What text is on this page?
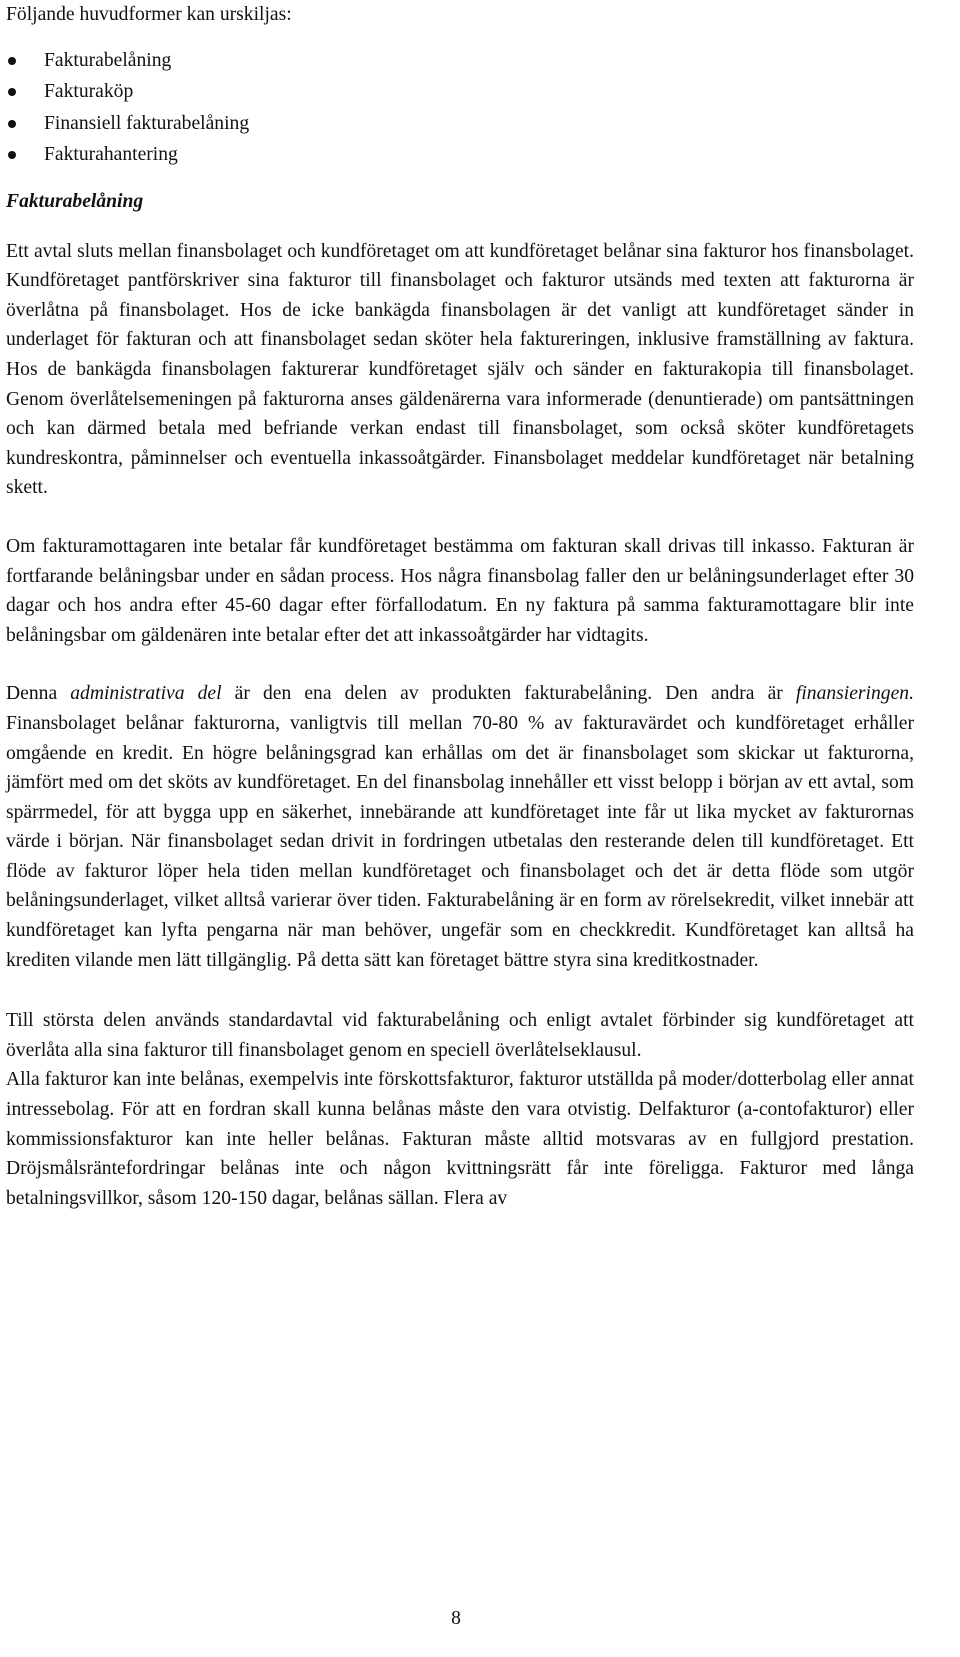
Följande huvudformer kan urskiljas:

Fakturabelåning
Fakturaköp
Finansiell fakturabelåning
Fakturahantering
Fakturabelåning

Ett avtal sluts mellan finansbolaget och kundföretaget om att kundföretaget belånar sina fakturor hos finansbolaget. Kundföretaget pantförskriver sina fakturor till finansbolaget och fakturor utsänds med texten att fakturorna är överlåtna på finansbolaget. Hos de icke bankägda finansbolagen är det vanligt att kundföretaget sänder in underlaget för fakturan och att finansbolaget sedan sköter hela faktureringen, inklusive framställning av faktura. Hos de bankägda finansbolagen fakturerar kundföretaget själv och sänder en fakturakopia till finansbolaget. Genom överlåtelsemeningen på fakturorna anses gäldenärerna vara informerade (denuntierade) om pantsättningen och kan därmed betala med befriande verkan endast till finansbolaget, som också sköter kundföretagets kundreskontra, påminnelser och eventuella inkassoåtgärder. Finansbolaget meddelar kundföretaget när betalning skett.

Om fakturamottagaren inte betalar får kundföretaget bestämma om fakturan skall drivas till inkasso. Fakturan är fortfarande belåningsbar under en sådan process. Hos några finansbolag faller den ur belåningsunderlaget efter 30 dagar och hos andra efter 45-60 dagar efter förfallodatum. En ny faktura på samma fakturamottagare blir inte belåningsbar om gäldenären inte betalar efter det att inkassoåtgärder har vidtagits.

Denna administrativa del är den ena delen av produkten fakturabelåning. Den andra är finansieringen. Finansbolaget belånar fakturorna, vanligtvis till mellan 70-80 % av fakturavärdet och kundföretaget erhåller omgående en kredit. En högre belåningsgrad kan erhållas om det är finansbolaget som skickar ut fakturorna, jämfört med om det sköts av kundföretaget. En del finansbolag innehåller ett visst belopp i början av ett avtal, som spärrmedel, för att bygga upp en säkerhet, innebärande att kundföretaget inte får ut lika mycket av fakturornas värde i början. När finansbolaget sedan drivit in fordringen utbetalas den resterande delen till kundföretaget. Ett flöde av fakturor löper hela tiden mellan kundföretaget och finansbolaget och det är detta flöde som utgör belåningsunderlaget, vilket alltså varierar över tiden. Fakturabelåning är en form av rörelsekredit, vilket innebär att kundföretaget kan lyfta pengarna när man behöver, ungefär som en checkkredit. Kundföretaget kan alltså ha krediten vilande men lätt tillgänglig. På detta sätt kan företaget bättre styra sina kreditkostnader.

Till största delen används standardavtal vid fakturabelåning och enligt avtalet förbinder sig kundföretaget att överlåta alla sina fakturor till finansbolaget genom en speciell överlåtelseklausul.

Alla fakturor kan inte belånas, exempelvis inte förskottsfakturor, fakturor utställda på moder/dotterbolag eller annat intressebolag. För att en fordran skall kunna belånas måste den vara otvistig. Delfakturor (a-contofakturor) eller kommissionsfakturor kan inte heller belånas. Fakturan måste alltid motsvaras av en fullgjord prestation. Dröjsmålsräntefordringar belånas inte och någon kvittningsrätt får inte föreligga. Fakturor med långa betalningsvillkor, såsom 120-150 dagar, belånas sällan. Flera av

8
